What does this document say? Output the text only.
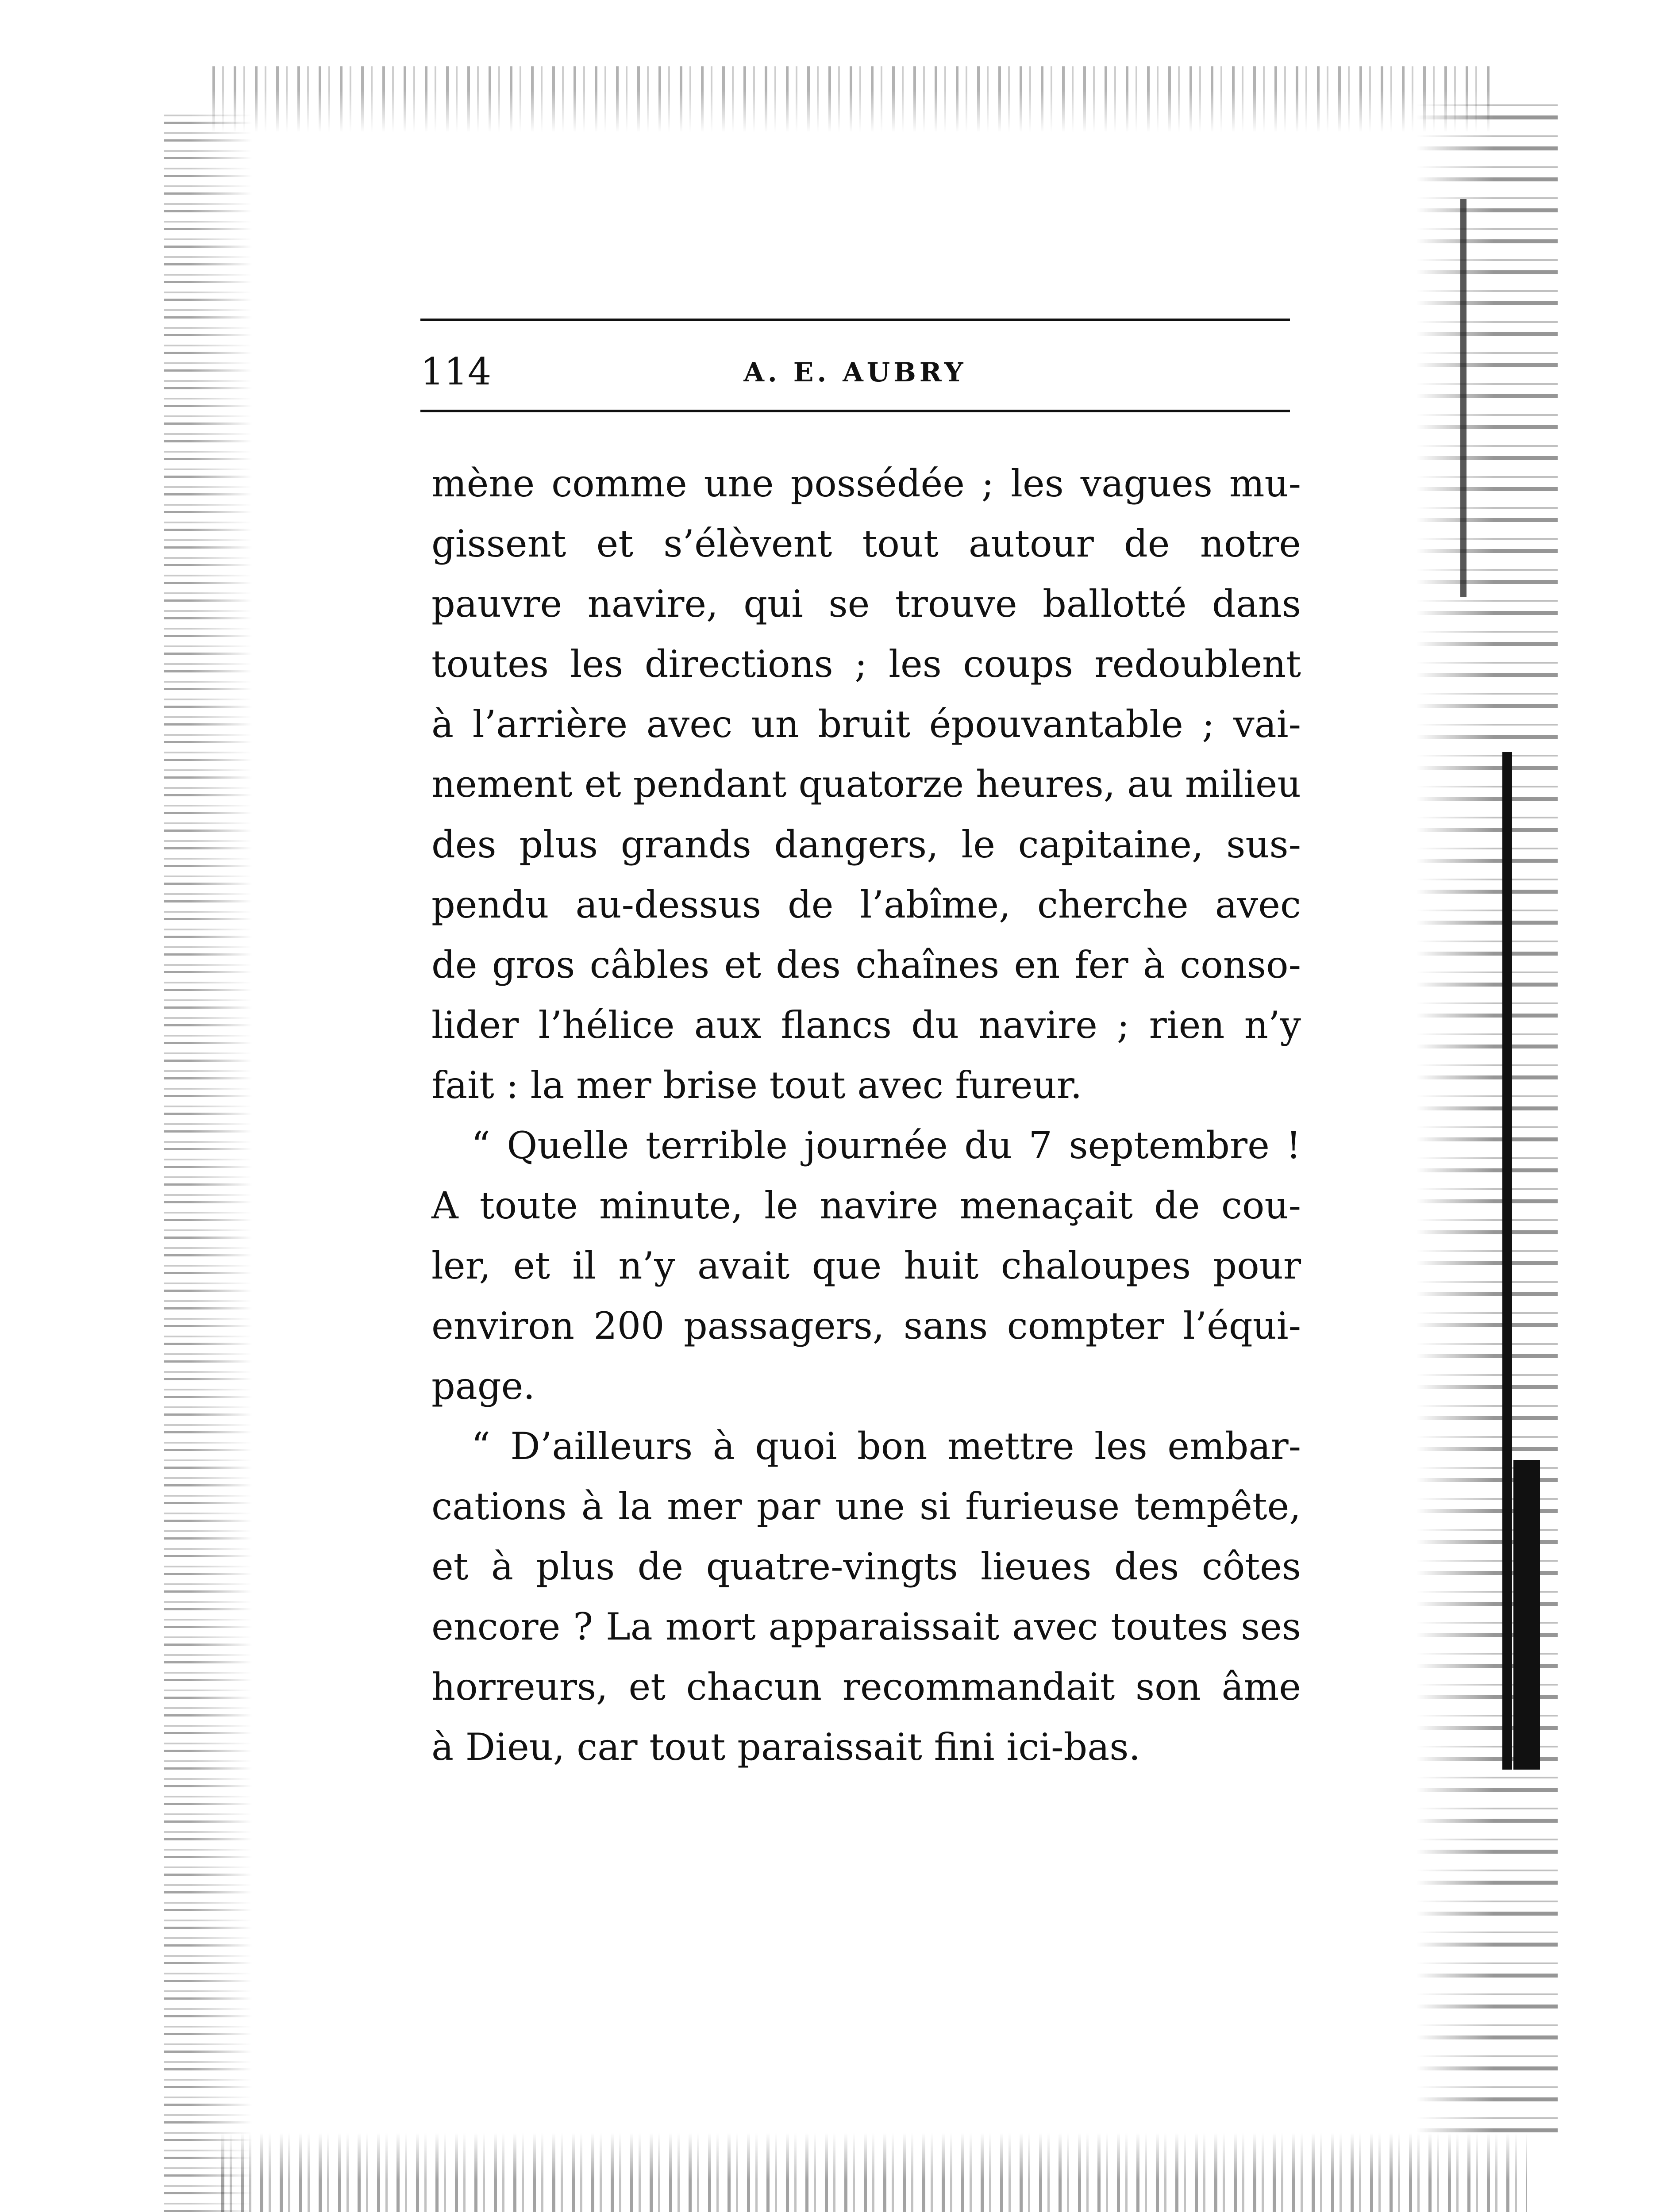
114	A. E. AUBRY
mène comme une possédée ; les vagues mu-
gissent et s’élèvent tout autour de notre
pauvre navire, qui se trouve ballotté dans
toutes les directions ; les coups redoublent
à l’arrière avec un bruit épouvantable ; vai-
nement et pendant quatorze heures, au milieu
des plus grands dangers, le capitaine, sus-
pendu au-dessus de l’abîme, cherche avec
de gros câbles et des chaînes en fer à conso-
lider l’hélice aux flancs du navire ; rien n’y
fait : la mer brise tout avec fureur.
“ Quelle terrible journée du 7 septembre !
A toute minute, le navire menaçait de cou-
ler, et il n’y avait que huit chaloupes pour
environ 200 passagers, sans compter l’équi-
page.
“ D’ailleurs à quoi bon mettre les embar-
cations à la mer par une si furieuse tempête,
et à plus de quatre-vingts lieues des côtes
encore ? La mort apparaissait avec toutes ses
horreurs, et chacun recommandait son âme
à Dieu, car tout paraissait fini ici-bas.
